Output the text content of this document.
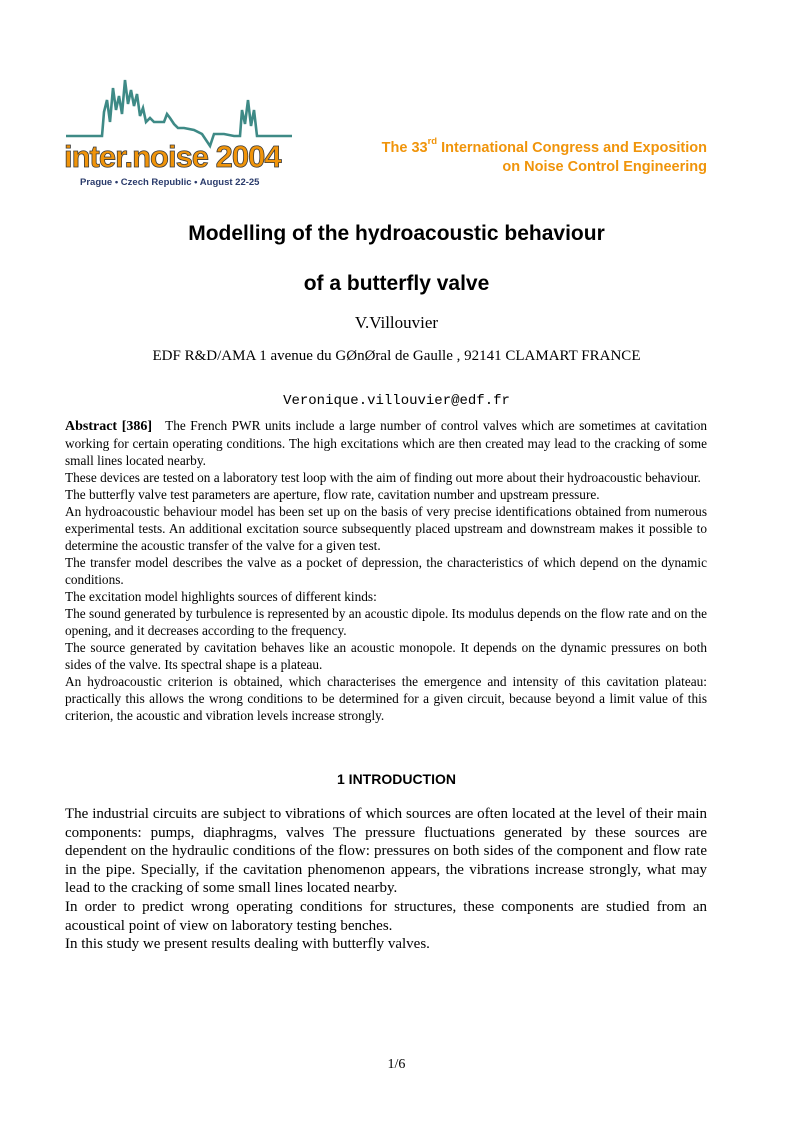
inter.noise 2004
Prague • Czech Republic • August 22-25
The 33rd International Congress and Exposition
on Noise Control Engineering
Modelling of the hydroacoustic behaviour
of a butterfly valve
V.Villouvier
EDF R&D/AMA 1 avenue du GØnØral de Gaulle , 92141 CLAMART FRANCE
Veronique.villouvier@edf.fr

Abstract [386] The French PWR units include a large number of control valves which are sometimes at cavitation working for certain operating conditions. The high excitations which are then created may lead to the cracking of some small lines located nearby.

These devices are tested on a laboratory test loop with the aim of finding out more about their hydroacoustic behaviour.

The butterfly valve test parameters are aperture, flow rate, cavitation number and upstream pressure.

An hydroacoustic behaviour model has been set up on the basis of very precise identifications obtained from numerous experimental tests. An additional excitation source subsequently placed upstream and downstream makes it possible to determine the acoustic transfer of the valve for a given test.

The transfer model describes the valve as a pocket of depression, the characteristics of which depend on the dynamic conditions.

The excitation model highlights sources of different kinds:

The sound generated by turbulence is represented by an acoustic dipole. Its modulus depends on the flow rate and on the opening, and it decreases according to the frequency.

The source generated by cavitation behaves like an acoustic monopole. It depends on the dynamic pressures on both sides of the valve. Its spectral shape is a plateau.

An hydroacoustic criterion is obtained, which characterises the emergence and intensity of this cavitation plateau: practically this allows the wrong conditions to be determined for a given circuit, because beyond a limit value of this criterion, the acoustic and vibration levels increase strongly.

1 INTRODUCTION

The industrial circuits are subject to vibrations of which sources are often located at the level of their main components: pumps, diaphragms, valves The pressure fluctuations generated by these sources are dependent on the hydraulic conditions of the flow: pressures on both sides of the component and flow rate in the pipe. Specially, if the cavitation phenomenon appears, the vibrations increase strongly, what may lead to the cracking of some small lines located nearby.

In order to predict wrong operating conditions for structures, these components are studied from an acoustical point of view on laboratory testing benches.

In this study we present results dealing with butterfly valves.

1/6
